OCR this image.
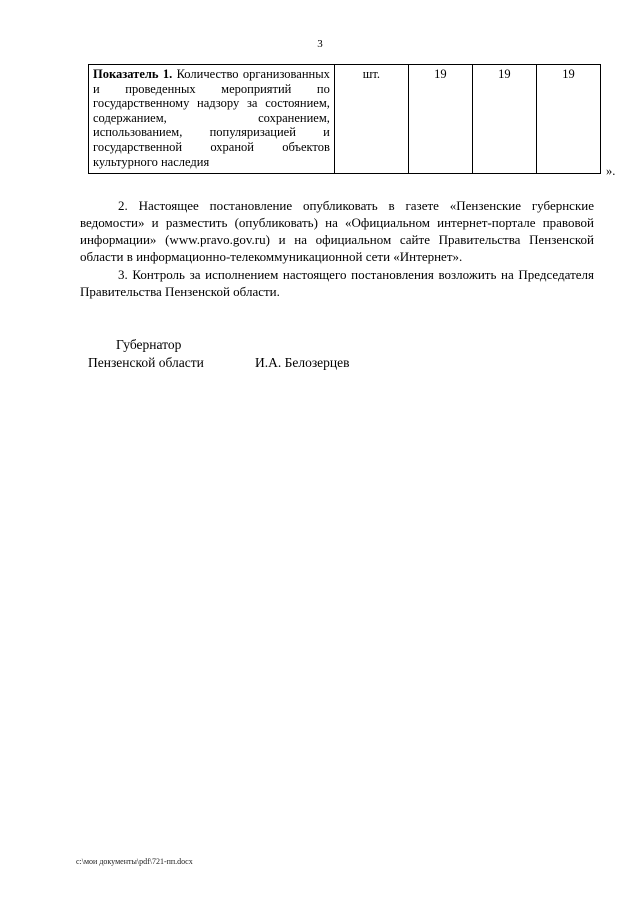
3
Показатель 1. Количество организованных и проведенных мероприятий по государственному надзору за состоянием, содержанием, сохранением, использованием, популяризацией и государственной охраной объектов культурного наследия	шт.	19	19	19
».

2. Настоящее постановление опубликовать в газете «Пензенские губернские ведомости» и разместить (опубликовать) на «Официальном интернет-портале правовой информации» (www.pravo.gov.ru) и на официальном сайте Правительства Пензенской области в информационно-телекоммуникационной сети «Интернет».

3. Контроль за исполнением настоящего постановления возложить на Председателя Правительства Пензенской области.

Губернатор
Пензенской области	И.А. Белозерцев
c:\мои документы\pdf\721-пп.docx
